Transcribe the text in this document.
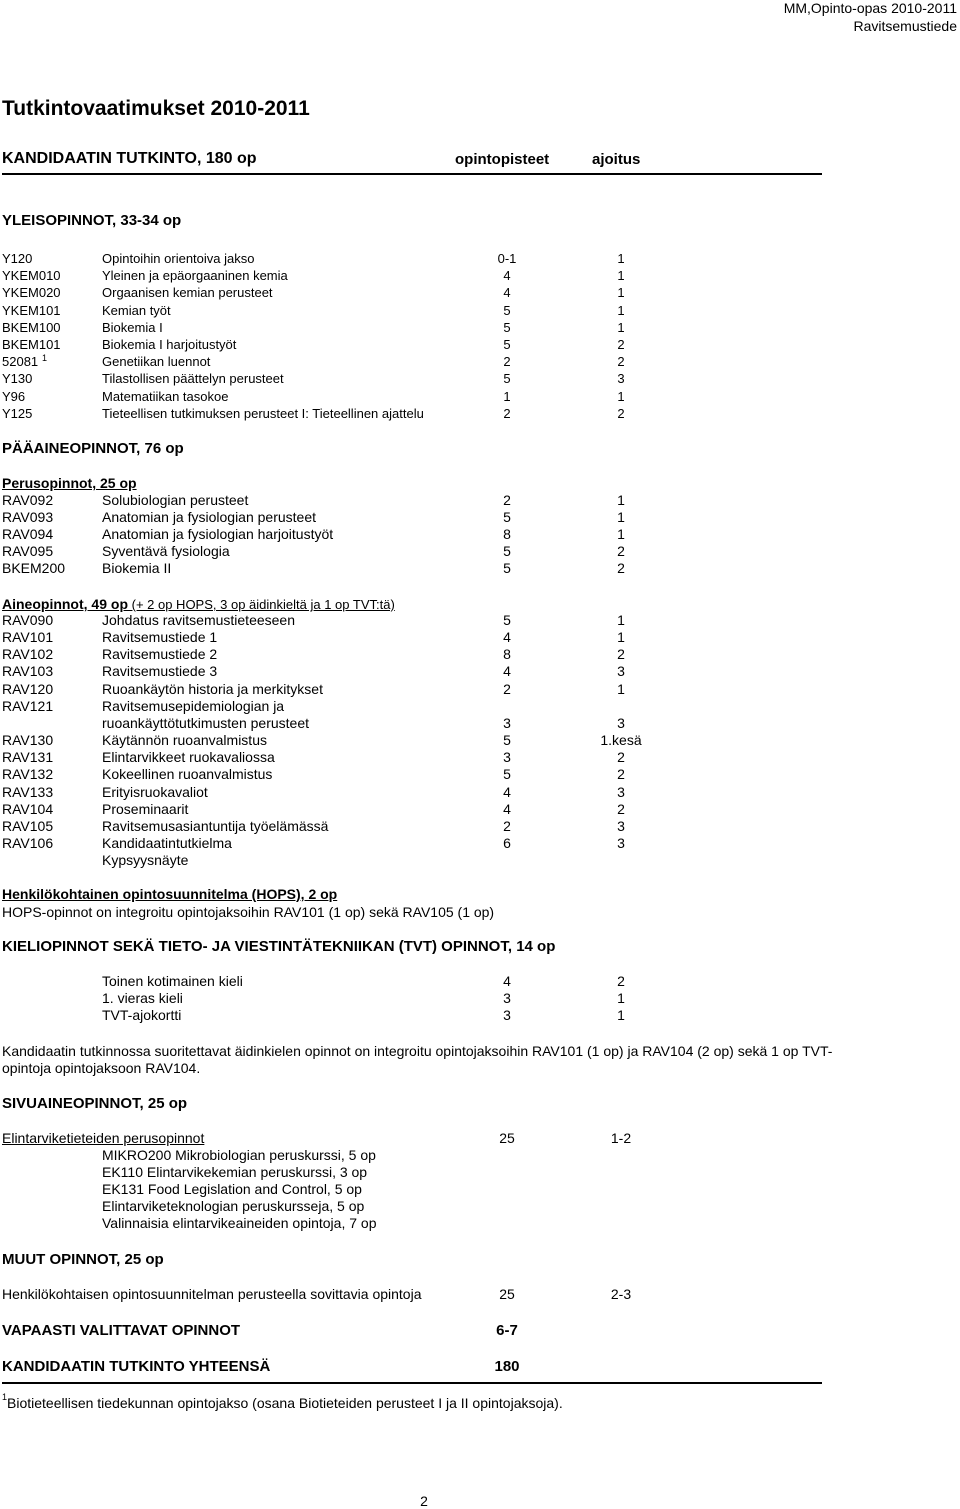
MM,Opinto-opas 2010-2011
Ravitsemustiede
Tutkintovaatimukset 2010-2011
KANDIDAATIN TUTKINTO, 180 op	opintopisteet	ajoitus
YLEISOPINNOT, 33-34 op
Y120	Opintoihin orientoiva jakso	0-1	1
YKEM010	Yleinen ja epäorgaaninen kemia	4	1
YKEM020	Orgaanisen kemian perusteet	4	1
YKEM101	Kemian työt	5	1
BKEM100	Biokemia I	5	1
BKEM101	Biokemia I harjoitustyöt	5	2
52081 1	Genetiikan luennot	2	2
Y130	Tilastollisen päättelyn perusteet	5	3
Y96	Matematiikan tasokoe	1	1
Y125	Tieteellisen tutkimuksen perusteet I: Tieteellinen ajattelu	2	2
PÄÄAINEOPINNOT, 76 op
Perusopinnot, 25 op
RAV092	Solubiologian perusteet	2	1
RAV093	Anatomian ja fysiologian perusteet	5	1
RAV094	Anatomian ja fysiologian harjoitustyöt	8	1
RAV095	Syventävä fysiologia	5	2
BKEM200	Biokemia II	5	2
Aineopinnot, 49 op (+ 2 op HOPS, 3 op äidinkieltä ja 1 op TVT:tä)
RAV090	Johdatus ravitsemustieteeseen	5	1
RAV101	Ravitsemustiede 1	4	1
RAV102	Ravitsemustiede 2	8	2
RAV103	Ravitsemustiede 3	4	3
RAV120	Ruoankäytön historia ja merkitykset	2	1
RAV121	Ravitsemusepidemiologian ja
ruoankäyttötutkimusten perusteet	3	3
RAV130	Käytännön ruoanvalmistus	5	1.kesä
RAV131	Elintarvikkeet ruokavaliossa	3	2
RAV132	Kokeellinen ruoanvalmistus	5	2
RAV133	Erityisruokavaliot	4	3
RAV104	Proseminaarit	4	2
RAV105	Ravitsemusasiantuntija työelämässä	2	3
RAV106	Kandidaatintutkielma	6	3
Kypsyysnäyte
Henkilökohtainen opintosuunnitelma (HOPS), 2 op
HOPS-opinnot on integroitu opintojaksoihin RAV101 (1 op) sekä RAV105 (1 op)
KIELIOPINNOT SEKÄ TIETO- JA VIESTINTÄTEKNIIKAN (TVT) OPINNOT, 14 op
Toinen kotimainen kieli	4	2
1. vieras kieli	3	1
TVT-ajokortti	3	1
Kandidaatin tutkinnossa suoritettavat äidinkielen opinnot on integroitu opintojaksoihin RAV101 (1 op) ja RAV104 (2 op) sekä 1 op TVT-opintoja opintojaksoon RAV104.
SIVUAINEOPINNOT, 25 op
Elintarviketieteiden perusopinnot	25	1-2
MIKRO200 Mikrobiologian peruskurssi, 5 op
EK110 Elintarvikekemian peruskurssi, 3 op
EK131 Food Legislation and Control, 5 op
Elintarviketeknologian peruskursseja, 5 op
Valinnaisia elintarvikeaineiden opintoja, 7 op
MUUT OPINNOT, 25 op
Henkilökohtaisen opintosuunnitelman perusteella sovittavia opintoja	25	2-3
VAPAASTI VALITTAVAT OPINNOT	6-7
KANDIDAATIN TUTKINTO YHTEENSÄ	180
$^1$Biotieteellisen tiedekunnan opintojakso (osana Biotieteiden perusteet I ja II opintojaksoja).
2
